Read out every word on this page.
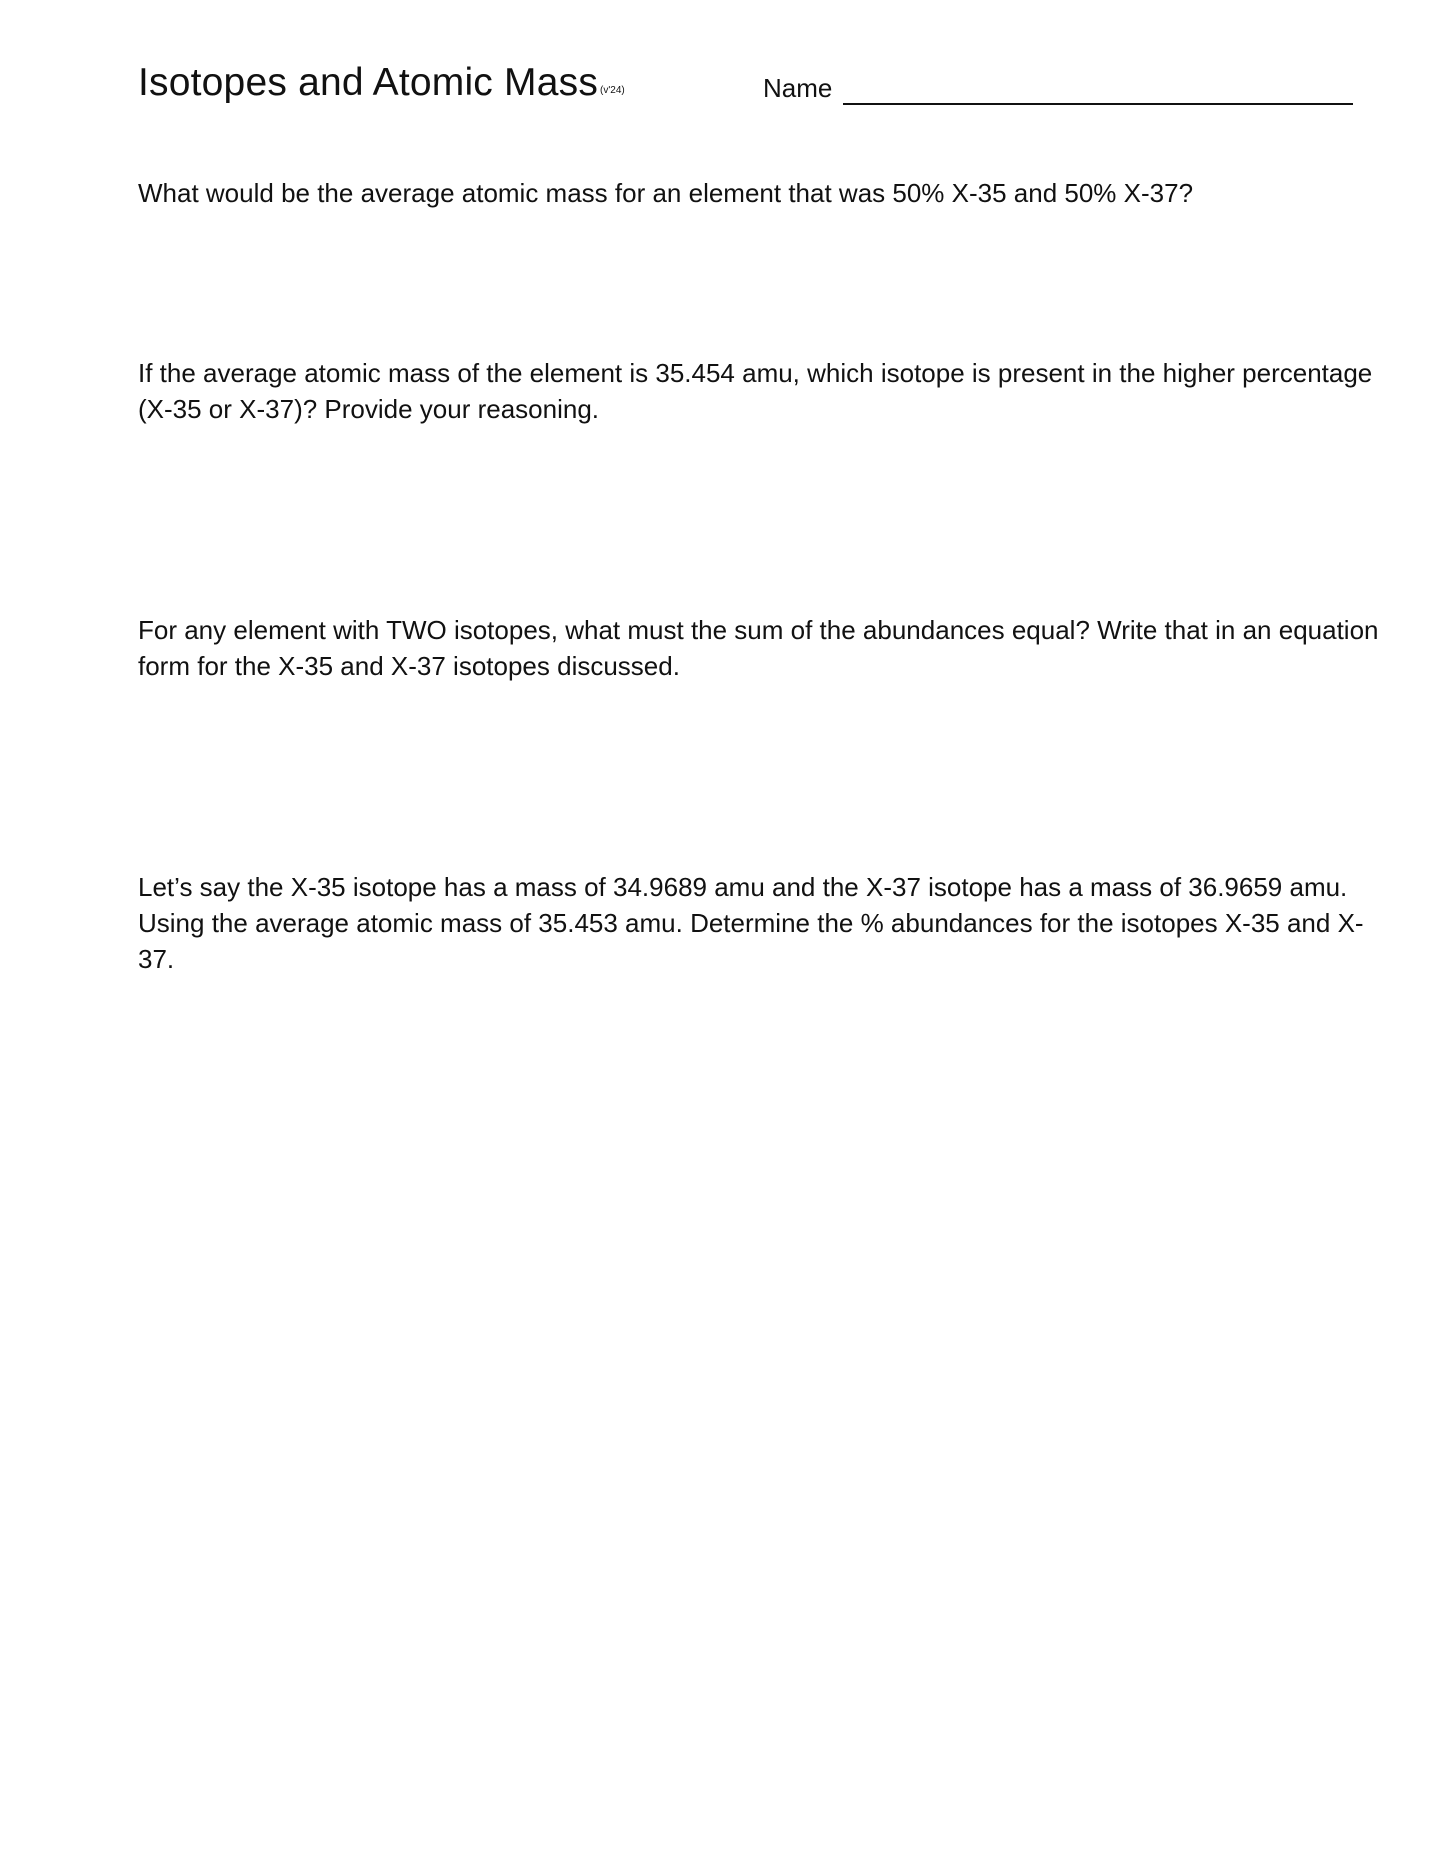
Isotopes and Atomic Mass (v'24)	Name

What would be the average atomic mass for an element that was 50% X-35 and 50% X-37?

If the average atomic mass of the element is 35.454 amu, which isotope is present in the higher percentage (X-35 or X-37)? Provide your reasoning.

For any element with TWO isotopes, what must the sum of the abundances equal? Write that in an equation form for the X-35 and X-37 isotopes discussed.

Let’s say the X-35 isotope has a mass of 34.9689 amu and the X-37 isotope has a mass of 36.9659 amu. Using the average atomic mass of 35.453 amu. Determine the % abundances for the isotopes X-35 and X-37.
